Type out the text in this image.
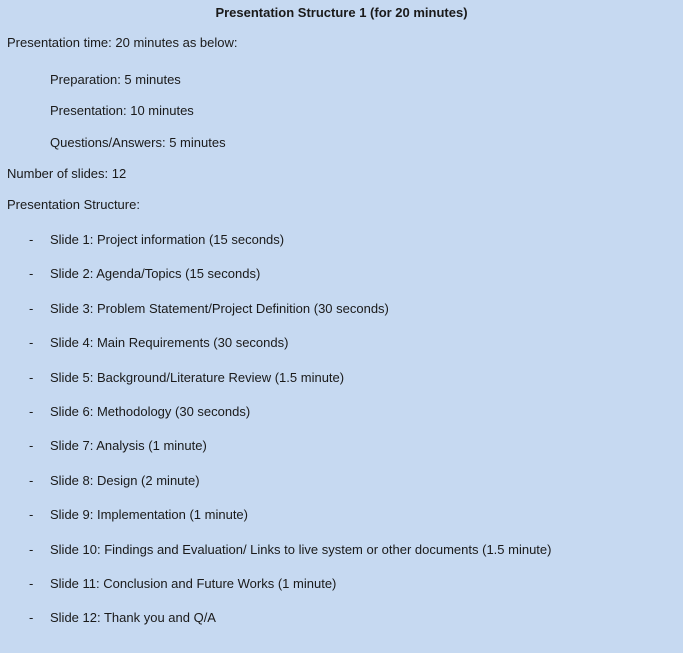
Presentation Structure 1 (for 20 minutes)
Presentation time: 20 minutes as below:
Preparation: 5 minutes
Presentation: 10 minutes
Questions/Answers: 5 minutes
Number of slides: 12
Presentation Structure:
- Slide 1: Project information (15 seconds)
- Slide 2: Agenda/Topics (15 seconds)
- Slide 3: Problem Statement/Project Definition (30 seconds)
- Slide 4: Main Requirements (30 seconds)
- Slide 5: Background/Literature Review (1.5 minute)
- Slide 6: Methodology (30 seconds)
- Slide 7: Analysis (1 minute)
- Slide 8: Design (2 minute)
- Slide 9: Implementation (1 minute)
- Slide 10: Findings and Evaluation/ Links to live system or other documents (1.5 minute)
- Slide 11: Conclusion and Future Works (1 minute)
- Slide 12: Thank you and Q/A
